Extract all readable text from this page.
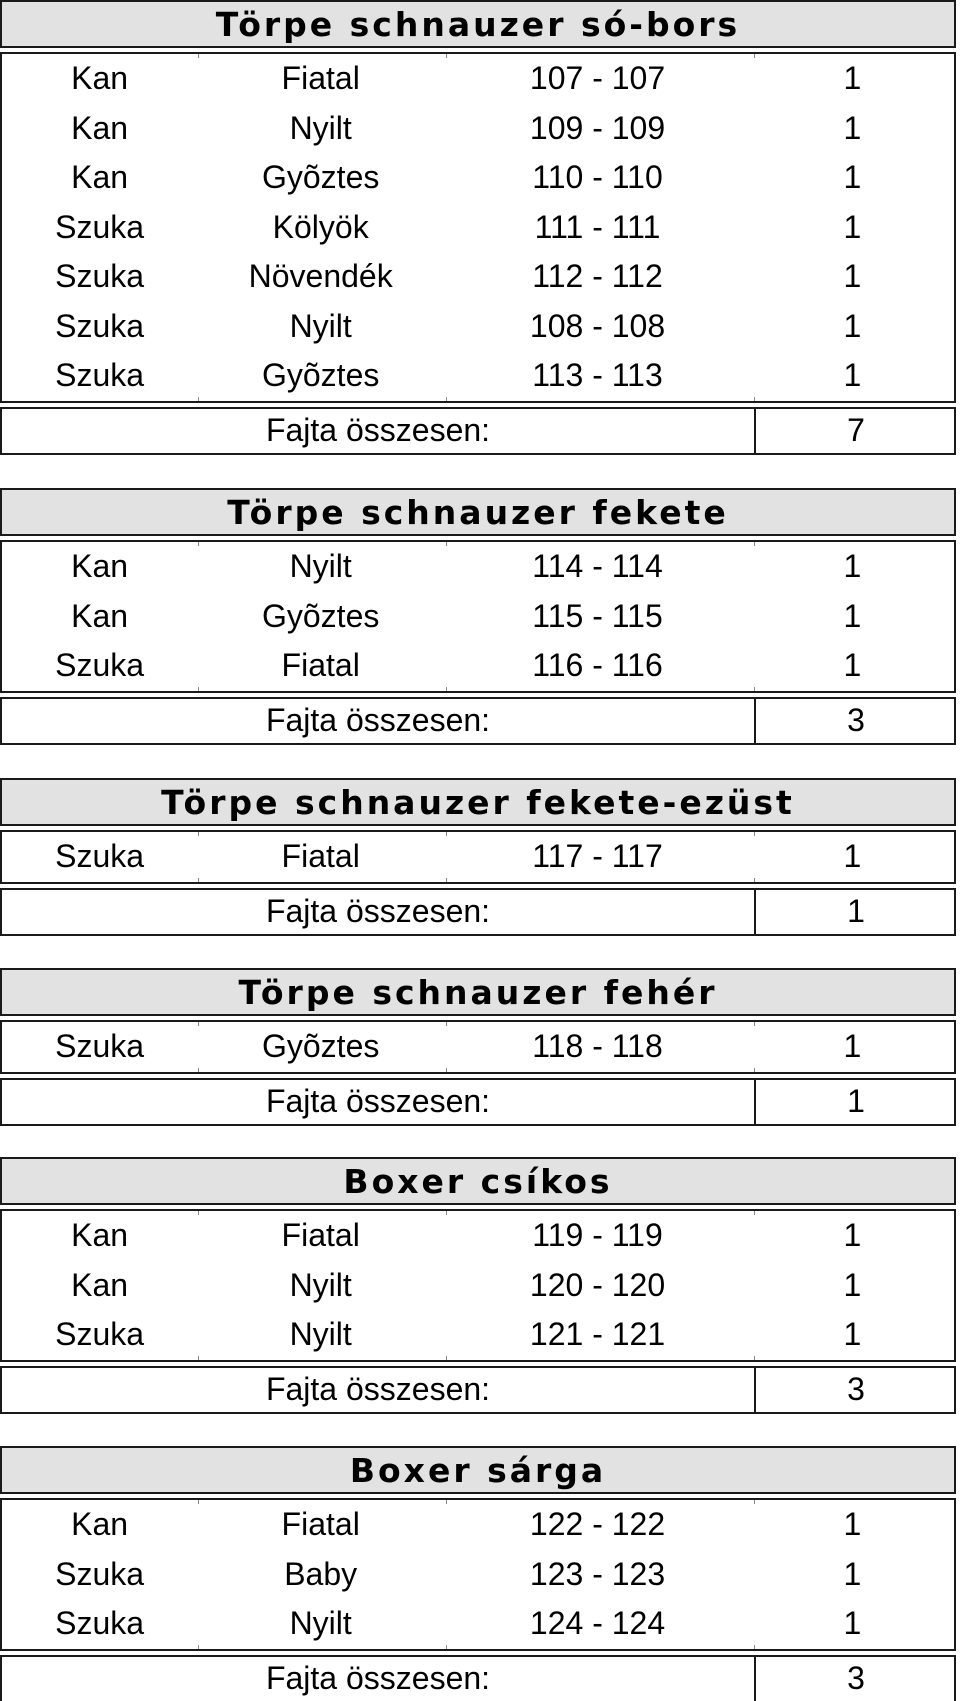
Törpe schnauzer só-bors
Kan	Fiatal	107 - 107	1
Kan	Nyilt	109 - 109	1
Kan	Gyõztes	110 - 110	1
Szuka	Kölyök	111 - 111	1
Szuka	Növendék	112 - 112	1
Szuka	Nyilt	108 - 108	1
Szuka	Gyõztes	113 - 113	1
Fajta összesen:	7
Törpe schnauzer fekete
Kan	Nyilt	114 - 114	1
Kan	Gyõztes	115 - 115	1
Szuka	Fiatal	116 - 116	1
Fajta összesen:	3
Törpe schnauzer fekete-ezüst
Szuka	Fiatal	117 - 117	1
Fajta összesen:	1
Törpe schnauzer fehér
Szuka	Gyõztes	118 - 118	1
Fajta összesen:	1
Boxer csíkos
Kan	Fiatal	119 - 119	1
Kan	Nyilt	120 - 120	1
Szuka	Nyilt	121 - 121	1
Fajta összesen:	3
Boxer sárga
Kan	Fiatal	122 - 122	1
Szuka	Baby	123 - 123	1
Szuka	Nyilt	124 - 124	1
Fajta összesen:	3
